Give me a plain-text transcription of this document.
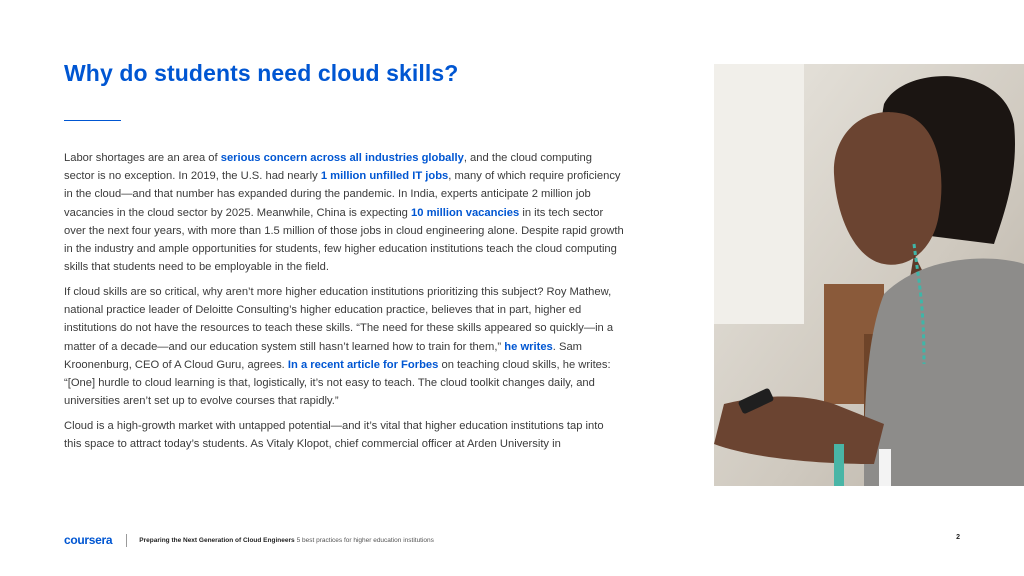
Why do students need cloud skills?

Labor shortages are an area of serious concern across all industries globally, and the cloud computing sector is no exception. In 2019, the U.S. had nearly 1 million unfilled IT jobs, many of which require proficiency in the cloud—and that number has expanded during the pandemic. In India, experts anticipate 2 million job vacancies in the cloud sector by 2025. Meanwhile, China is expecting 10 million vacancies in its tech sector over the next four years, with more than 1.5 million of those jobs in cloud engineering alone. Despite rapid growth in the industry and ample opportunities for students, few higher education institutions teach the cloud computing skills that students need to be employable in the field.

If cloud skills are so critical, why aren’t more higher education institutions prioritizing this subject? Roy Mathew, national practice leader of Deloitte Consulting’s higher education practice, believes that in part, higher ed institutions do not have the resources to teach these skills. “The need for these skills appeared so quickly—in a matter of a decade—and our education system still hasn’t learned how to train for them,” he writes. Sam Kroonenburg, CEO of A Cloud Guru, agrees. In a recent article for Forbes on teaching cloud skills, he writes: “[One] hurdle to cloud learning is that, logistically, it’s not easy to teach. The cloud toolkit changes daily, and universities aren’t set up to evolve courses that rapidly.”

Cloud is a high-growth market with untapped potential—and it’s vital that higher education institutions tap into this space to attract today’s students. As Vitaly Klopot, chief commercial officer at Arden University in

coursera	Preparing the Next Generation of Cloud Engineers 5 best practices for higher education institutions	2
